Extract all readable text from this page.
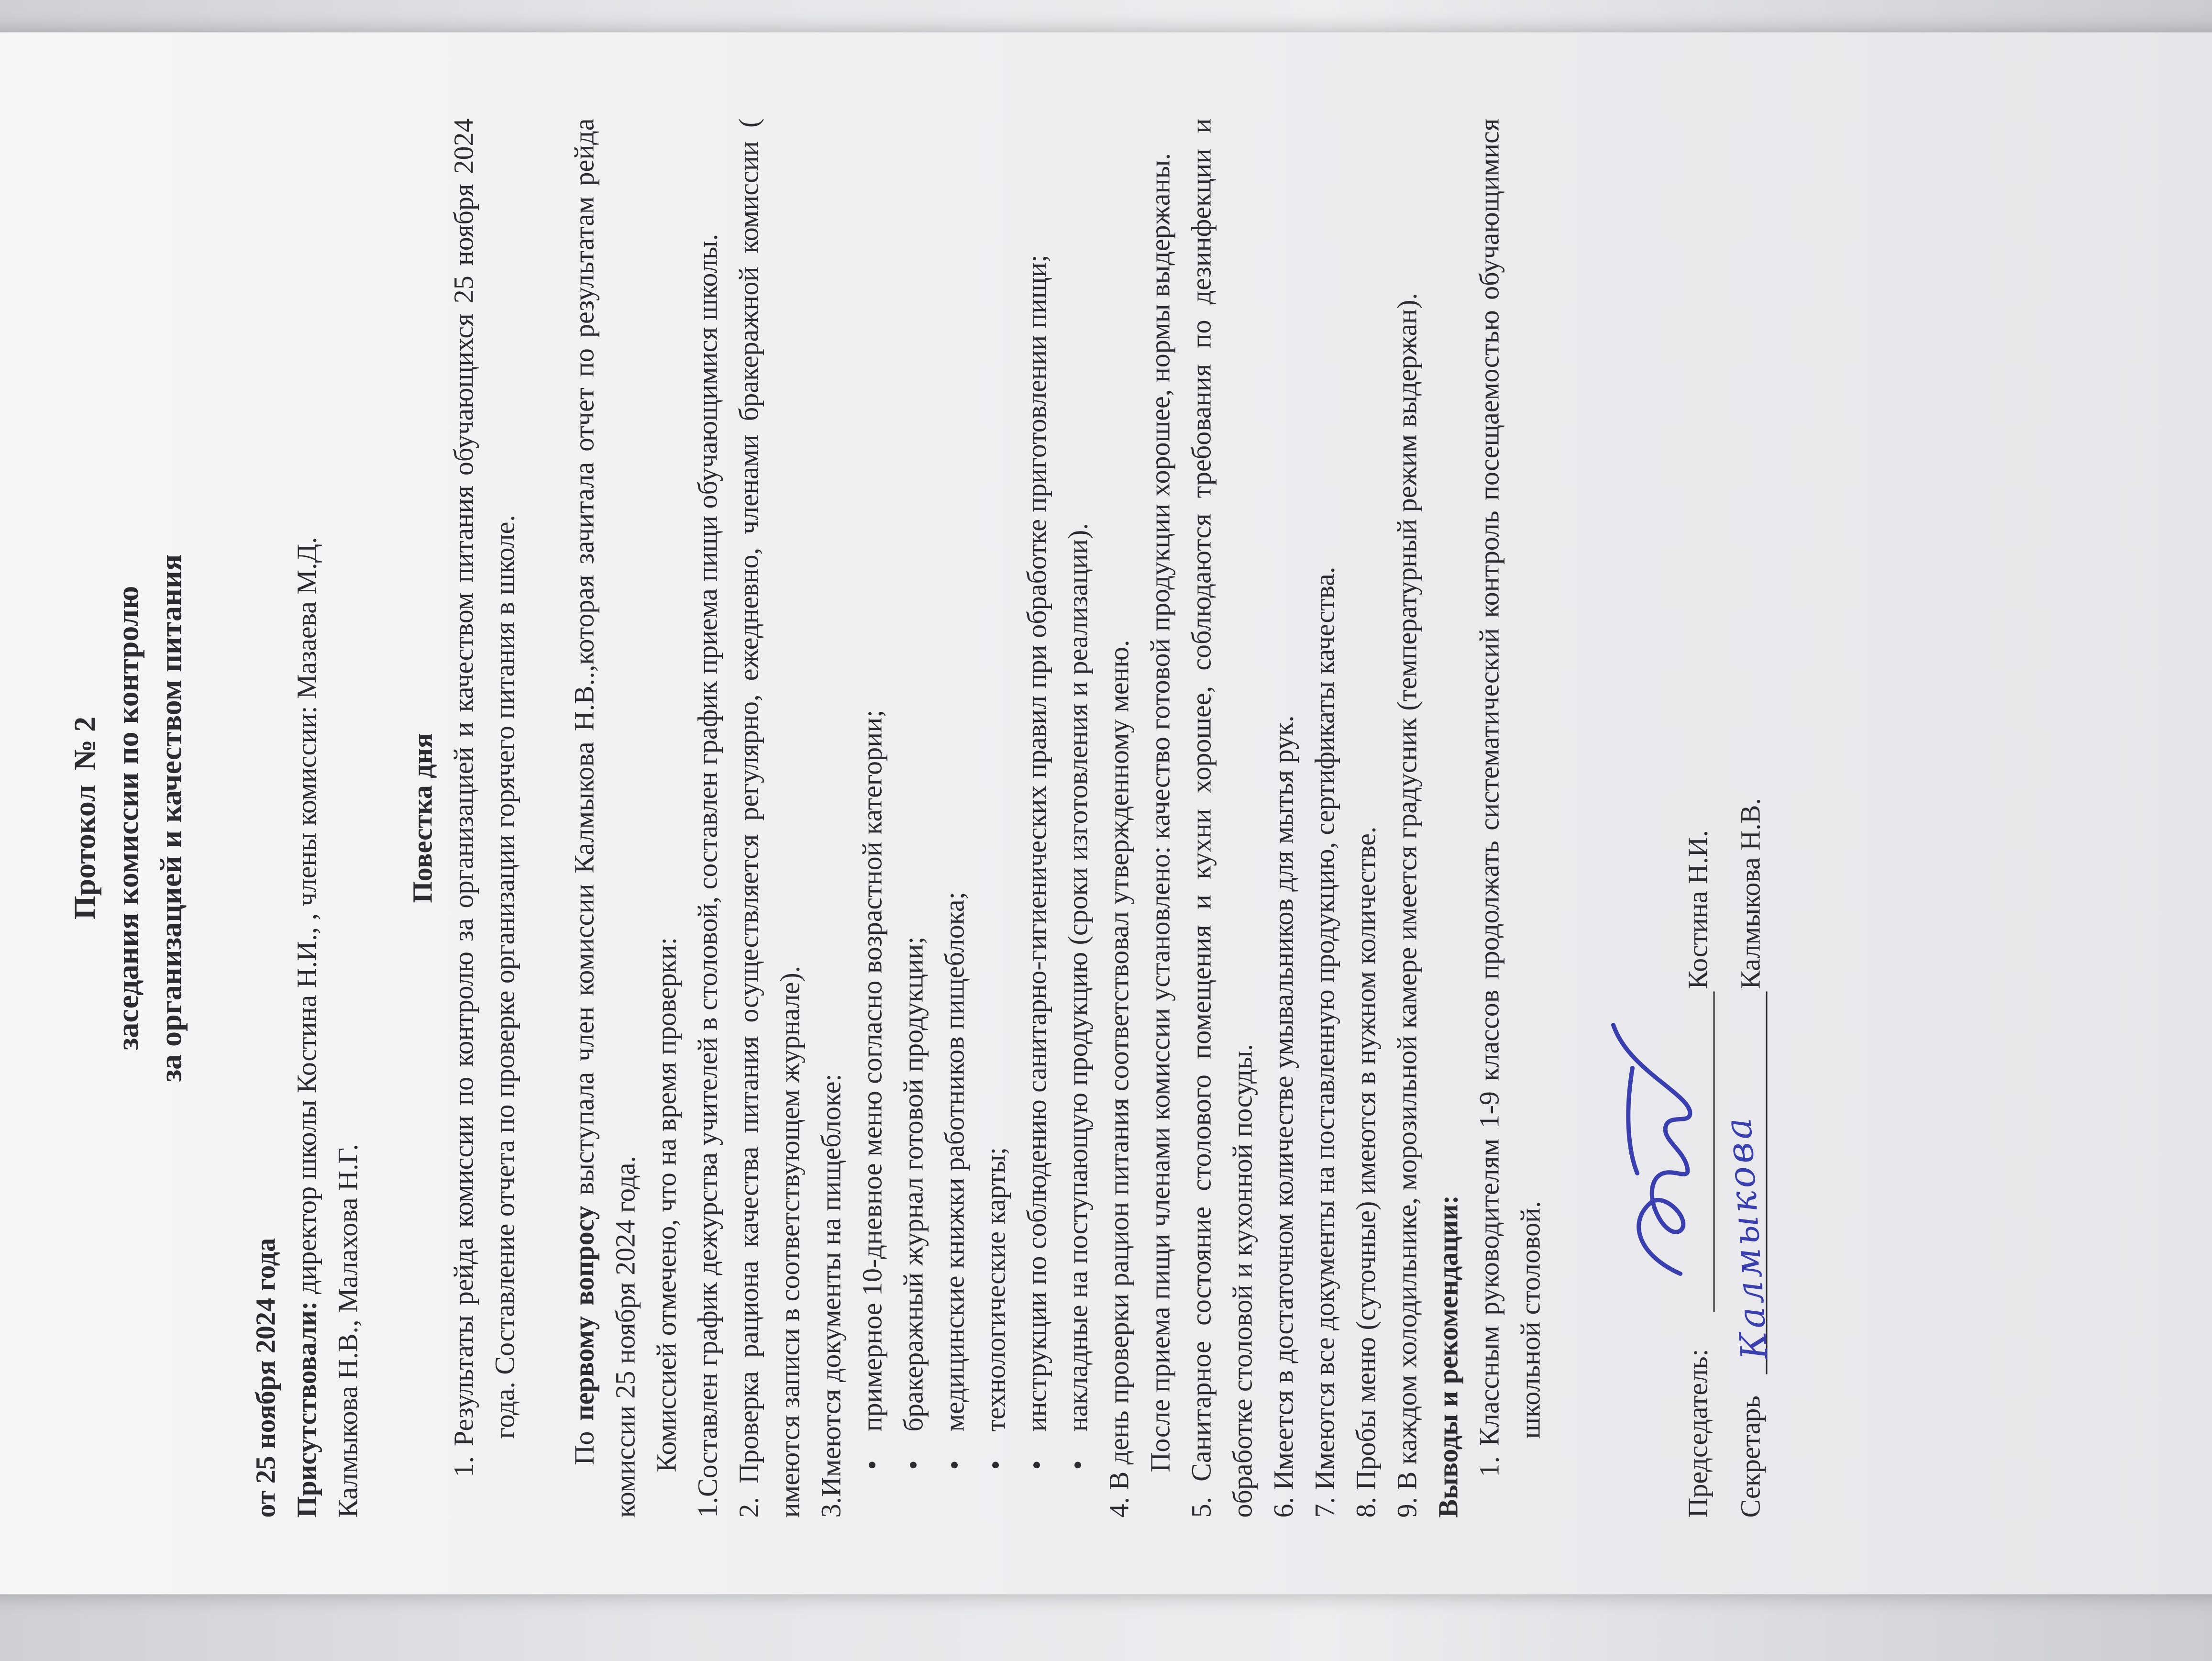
Протокол№ 2 заседания комиссии по контролю за организацией и качеством питания

от 25 ноября 2024 года Присутствовали: директор школы Костина Н.И., , члены комиссии: Мазаева М.Д.

Калмыкова Н.В., Малахова Н.Г.

Повестка дня 1. Результаты рейда комиссии по контролю за организацией и качеством питания обучающихся 25 ноября 2024 года. Составление отчета по проверке организации горячего питания в школе.

По первому вопросу выступала член комиссии Калмыкова Н.В..,которая зачитала отчет по результатам рейда комиссии 25 ноября 2024 года. Комиссией отмечено, что на время проверки: 1.Составлен график дежурства учителей в столовой, составлен график приема пищи обучающимися школы. 2. Проверка рациона качества питания осуществляется регулярно, ежедневно, членами бракеражной комиссии ( имеются записи в соответствующем журнале). 3.Имеются документы на пищеблоке: • примерное 10-дневное меню согласно возрастной категории; • бракеражный журнал готовой продукции; • медицинские книжки работников пищеблока; • технологические карты; • инструкции по соблюдению санитарно-гигиенических правил при обработке приготовлении пищи; • накладные на поступающую продукцию (сроки изготовления и реализации). 4. В день проверки рацион питания соответствовал утвержденному меню. После приема пищи членами комиссии установлено: качество готовой продукции хорошее, нормы выдержаны. 5. Санитарное состояние столового помещения и кухни хорошее, соблюдаются требования по дезинфекции и обработке столовой и кухонной посуды. 6. Имеется в достаточном количестве умывальников для мытья рук. 7. Имеются все документы на поставленную продукцию, сертификаты качества. 8. Пробы меню (суточные) имеются в нужном количестве. 9. В каждом холодильнике, морозильной камере имеется градусник (температурный режим выдержан). Выводы и рекомендации: 1. Классным руководителям 1-9 классов продолжать систематический контроль посещаемостью обучающимися школьной столовой.	Председатель:
Костина Н.И.
Секретарь
Калмыкова
Калмыкова Н.В.
